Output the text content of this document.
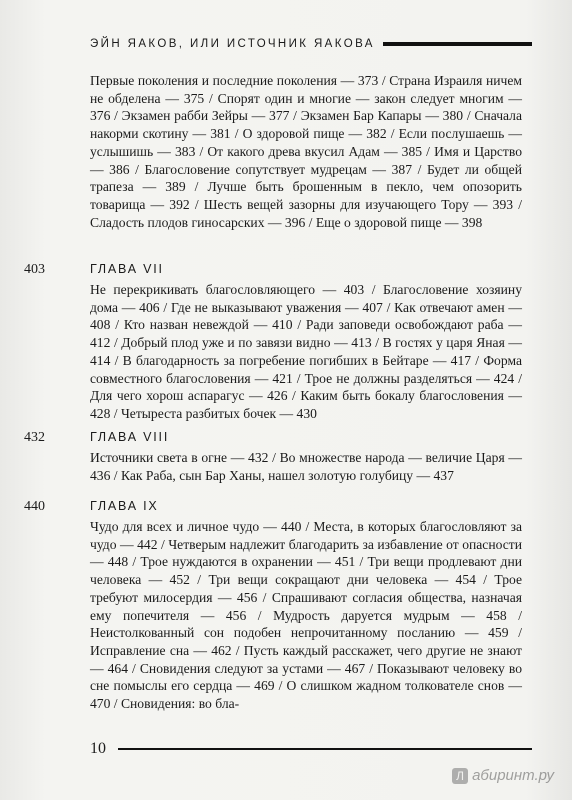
ЭЙН ЯАКОВ, ИЛИ ИСТОЧНИК ЯАКОВА
Первые поколения и последние поколения — 373 / Страна Израиля ничем не обделена — 375 / Спорят один и многие — закон следует многим — 376 / Экзамен рабби Зейры — 377 / Экзамен Бар Капары — 380 / Сначала накорми скотину — 381 / О здоровой пище — 382 / Если послушаешь — услышишь — 383 / От какого древа вкусил Адам — 385 / Имя и Царство — 386 / Благословение сопутствует мудрецам — 387 / Будет ли общей трапеза — 389 / Лучше быть брошенным в пекло, чем опозорить товарища — 392 / Шесть вещей зазорны для изучающего Тору — 393 / Сладость плодов гиносарских — 396 / Еще о здоровой пище — 398
403	ГЛАВА VII
Не перекрикивать благословляющего — 403 / Благословение хозяину дома — 406 / Где не выказывают уважения — 407 / Как отвечают амен — 408 / Кто назван невеждой — 410 / Ради заповеди освобождают раба — 412 / Добрый плод уже и по завязи видно — 413 / В гостях у царя Яная — 414 / В благодарность за погребение погибших в Бейтаре — 417 / Форма совместного благословения — 421 / Трое не должны разделяться — 424 / Для чего хорош аспарагус — 426 / Каким быть бокалу благословения — 428 / Четыреста разбитых бочек — 430
432	ГЛАВА VIII
Источники света в огне — 432 / Во множестве народа — величие Царя — 436 / Как Раба, сын Бар Ханы, нашел золотую голубицу — 437
440	ГЛАВА IX
Чудо для всех и личное чудо — 440 / Места, в которых благословляют за чудо — 442 / Четверым надлежит благодарить за избавление от опасности — 448 / Трое нуждаются в охранении — 451 / Три вещи продлевают дни человека — 452 / Три вещи сокращают дни человека — 454 / Трое требуют милосердия — 456 / Спрашивают согласия общества, назначая ему попечителя — 456 / Мудрость даруется мудрым — 458 / Неистолкованный сон подобен непрочитанному посланию — 459 / Исправление сна — 462 / Пусть каждый расскажет, чего другие не знают — 464 / Сновидения следуют за устами — 467 / Показывают человеку во сне помыслы его сердца — 469 / О слишком жадном толкователе снов — 470 / Сновидения: во бла-
10
Л абиринт.ру
